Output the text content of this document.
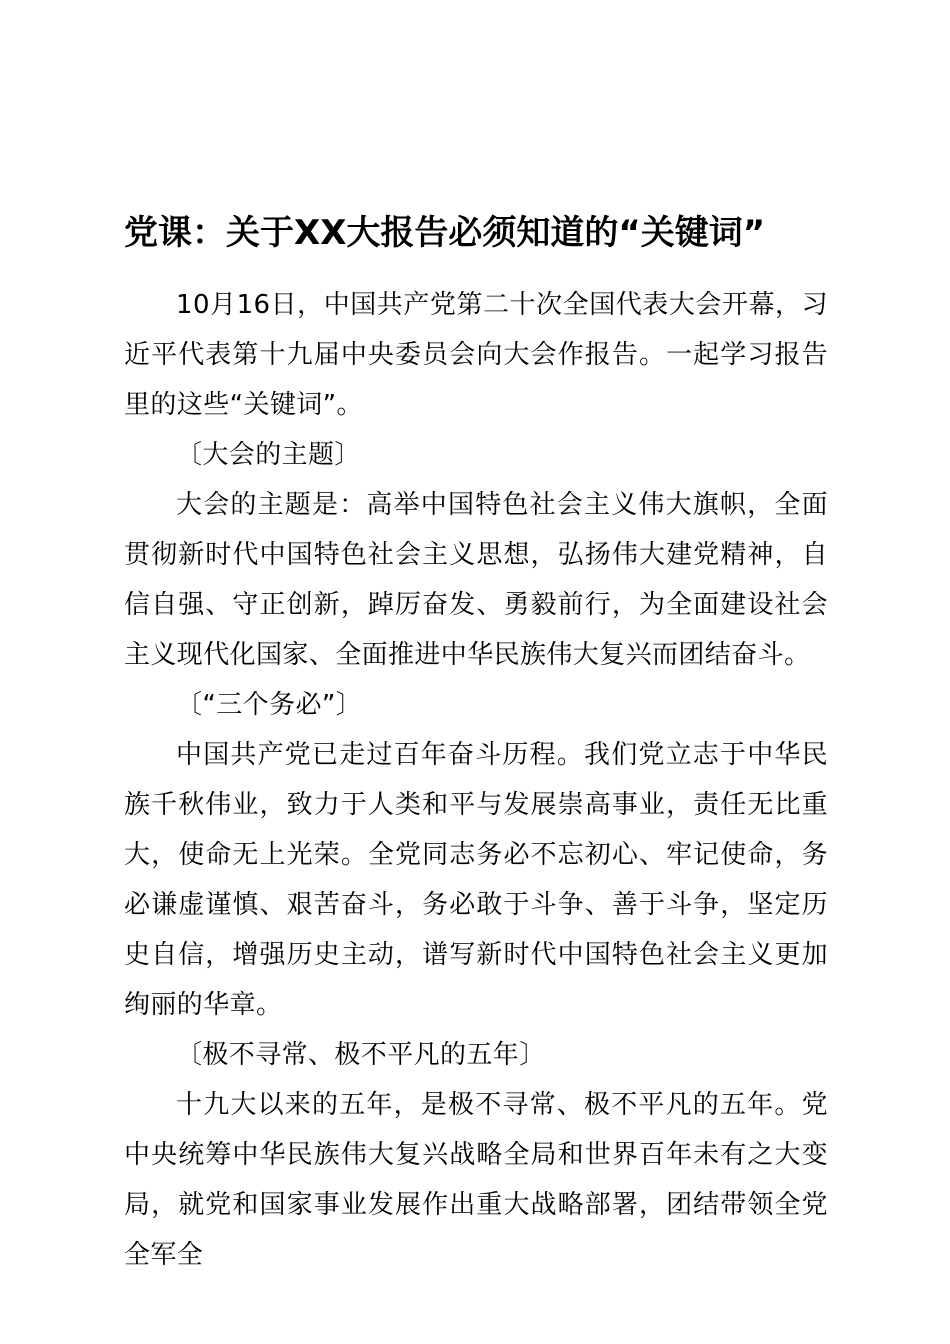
党课：关于XX大报告必须知道的“关键词”

10月16日，中国共产党第二十次全国代表大会开幕，习近平代表第十九届中央委员会向大会作报告。一起学习报告里的这些“关键词”。

〔大会的主题〕

大会的主题是：高举中国特色社会主义伟大旗帜，全面贯彻新时代中国特色社会主义思想，弘扬伟大建党精神，自信自强、守正创新，踔厉奋发、勇毅前行，为全面建设社会主义现代化国家、全面推进中华民族伟大复兴而团结奋斗。

〔“三个务必”〕

中国共产党已走过百年奋斗历程。我们党立志于中华民族千秋伟业，致力于人类和平与发展崇高事业，责任无比重大，使命无上光荣。全党同志务必不忘初心、牢记使命，务必谦虚谨慎、艰苦奋斗，务必敢于斗争、善于斗争，坚定历史自信，增强历史主动，谱写新时代中国特色社会主义更加绚丽的华章。

〔极不寻常、极不平凡的五年〕

十九大以来的五年，是极不寻常、极不平凡的五年。党中央统筹中华民族伟大复兴战略全局和世界百年未有之大变局，就党和国家事业发展作出重大战略部署，团结带领全党全军全
